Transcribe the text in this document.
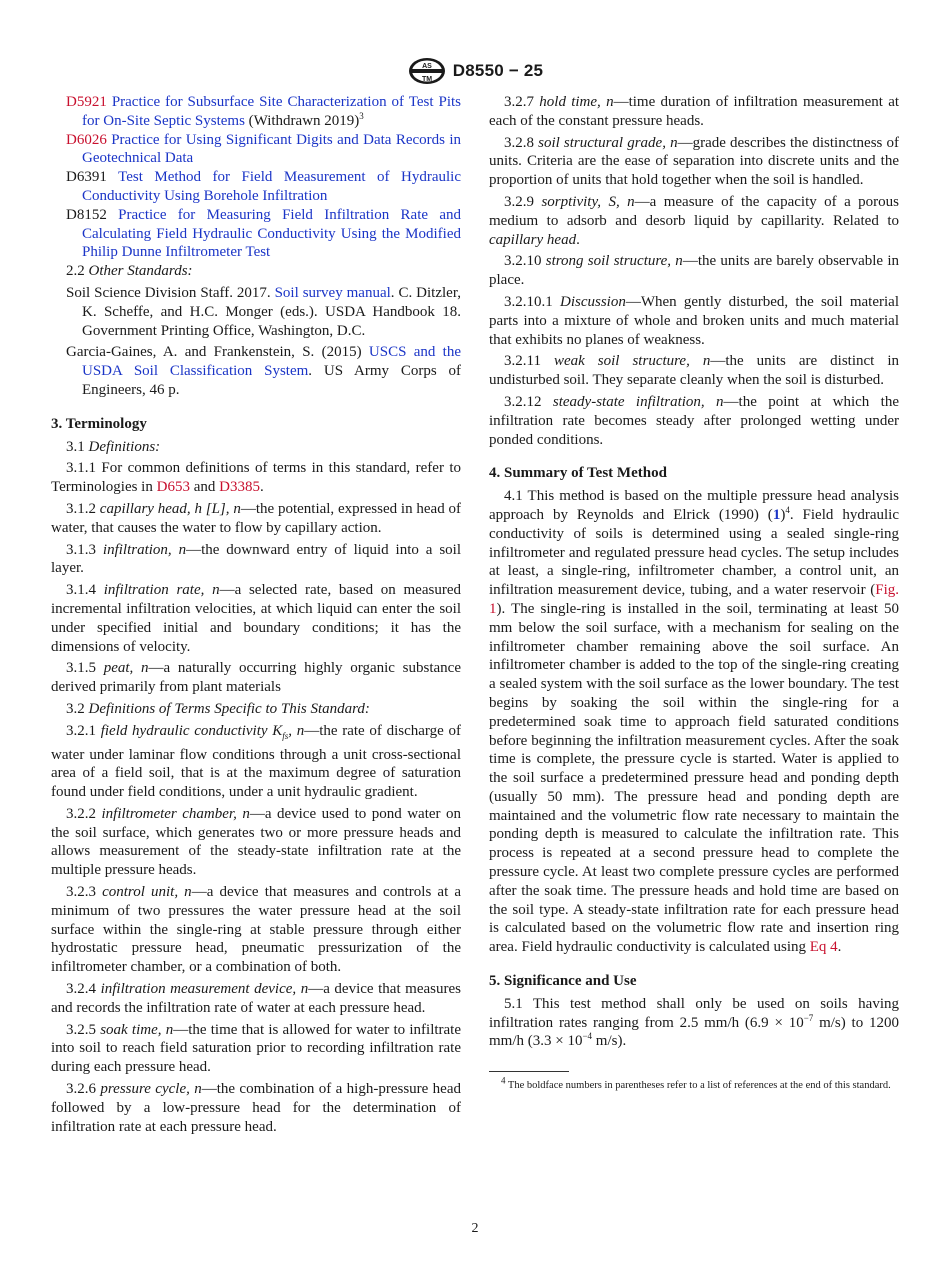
AS
TM D8550 − 25
D5921 Practice for Subsurface Site Characterization of Test Pits for On-Site Septic Systems (Withdrawn 2019)$^3$
D6026 Practice for Using Significant Digits and Data Records in Geotechnical Data
D6391 Test Method for Field Measurement of Hydraulic Conductivity Using Borehole Infiltration
D8152 Practice for Measuring Field Infiltration Rate and Calculating Field Hydraulic Conductivity Using the Modified Philip Dunne Infiltrometer Test
2.2 Other Standards:
Soil Science Division Staff. 2017. Soil survey manual. C. Ditzler, K. Scheffe, and H.C. Monger (eds.). USDA Handbook 18. Government Printing Office, Washington, D.C.
Garcia-Gaines, A. and Frankenstein, S. (2015) USCS and the USDA Soil Classification System. US Army Corps of Engineers, 46 p.
3. Terminology
3.1 Definitions:
3.1.1 For common definitions of terms in this standard, refer to Terminologies in D653 and D3385.
3.1.2 capillary head, h [L], n—the potential, expressed in head of water, that causes the water to flow by capillary action.
3.1.3 infiltration, n—the downward entry of liquid into a soil layer.
3.1.4 infiltration rate, n—a selected rate, based on measured incremental infiltration velocities, at which liquid can enter the soil under specified initial and boundary conditions; it has the dimensions of velocity.
3.1.5 peat, n—a naturally occurring highly organic substance derived primarily from plant materials
3.2 Definitions of Terms Specific to This Standard:
3.2.1 field hydraulic conductivity $K_{fs}$, n—the rate of discharge of water under laminar flow conditions through a unit cross-sectional area of a field soil, that is at the maximum degree of saturation found under field conditions, under a unit hydraulic gradient.
3.2.2 infiltrometer chamber, n—a device used to pond water on the soil surface, which generates two or more pressure heads and allows measurement of the steady-state infiltration rate at the multiple pressure heads.
3.2.3 control unit, n—a device that measures and controls at a minimum of two pressures the water pressure head at the soil surface within the single-ring at stable pressure through either hydrostatic pressure head, pneumatic pressurization of the infiltrometer chamber, or a combination of both.
3.2.4 infiltration measurement device, n—a device that measures and records the infiltration rate of water at each pressure head.
3.2.5 soak time, n—the time that is allowed for water to infiltrate into soil to reach field saturation prior to recording infiltration rate during each pressure head.
3.2.6 pressure cycle, n—the combination of a high-pressure head followed by a low-pressure head for the determination of infiltration rate at each pressure head.
3.2.7 hold time, n—time duration of infiltration measurement at each of the constant pressure heads.
3.2.8 soil structural grade, n—grade describes the distinctness of units. Criteria are the ease of separation into discrete units and the proportion of units that hold together when the soil is handled.
3.2.9 sorptivity, S, n—a measure of the capacity of a porous medium to adsorb and desorb liquid by capillarity. Related to capillary head.
3.2.10 strong soil structure, n—the units are barely observable in place.
3.2.10.1 Discussion—When gently disturbed, the soil material parts into a mixture of whole and broken units and much material that exhibits no planes of weakness.
3.2.11 weak soil structure, n—the units are distinct in undisturbed soil. They separate cleanly when the soil is disturbed.
3.2.12 steady-state infiltration, n—the point at which the infiltration rate becomes steady after prolonged wetting under ponded conditions.
4. Summary of Test Method
4.1 This method is based on the multiple pressure head analysis approach by Reynolds and Elrick (1990) $(1)^4$. Field hydraulic conductivity of soils is determined using a sealed single-ring infiltrometer and regulated pressure head cycles. The setup includes at least, a single-ring, infiltrometer chamber, a control unit, an infiltration measurement device, tubing, and a water reservoir (Fig. 1). The single-ring is installed in the soil, terminating at least 50 mm below the soil surface, with a mechanism for sealing on the infiltrometer chamber remaining above the soil surface. An infiltrometer chamber is added to the top of the single-ring creating a sealed system with the soil surface as the lower boundary. The test begins by soaking the soil within the single-ring for a predetermined soak time to approach field saturated conditions before beginning the infiltration measurement cycles. After the soak time is complete, the pressure cycle is started. Water is applied to the soil surface a predetermined pressure head and ponding depth (usually 50 mm). The pressure head and ponding depth are maintained and the volumetric flow rate necessary to maintain the ponding depth is measured to calculate the infiltration rate. This process is repeated at a second pressure head to complete the pressure cycle. At least two complete pressure cycles are performed after the soak time. The pressure heads and hold time are based on the soil type. A steady-state infiltration rate for each pressure head is calculated based on the volumetric flow rate and insertion ring area. Field hydraulic conductivity is calculated using Eq 4.
5. Significance and Use
5.1 This test method shall only be used on soils having infiltration rates ranging from 2.5 mm/h ($6.9 \times 10^{-7}$ m/s) to 1200 mm/h ($3.3 \times 10^{-4}$ m/s).
$^4$ The boldface numbers in parentheses refer to a list of references at the end of this standard.
2
